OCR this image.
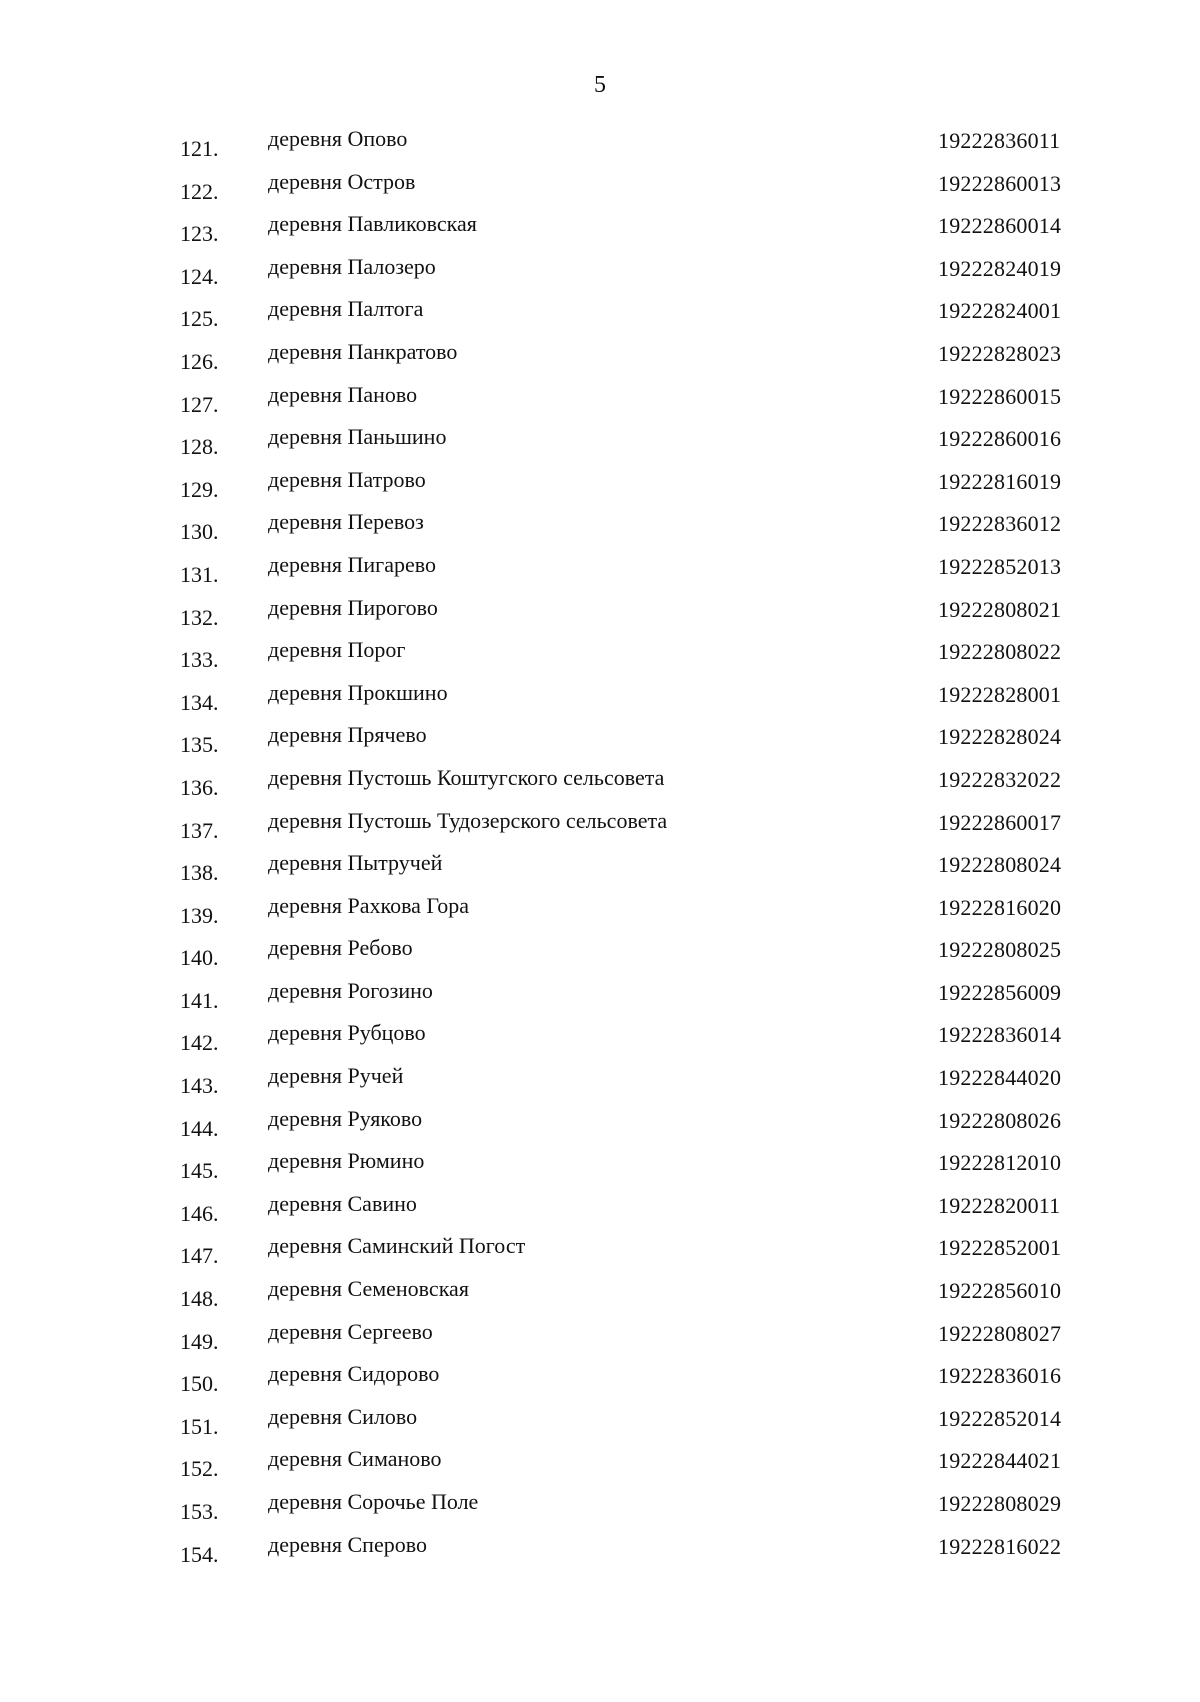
5
121. деревня Опово	19222836011
122. деревня Остров	19222860013
123. деревня Павликовская	19222860014
124. деревня Палозеро	19222824019
125. деревня Палтога	19222824001
126. деревня Панкратово	19222828023
127. деревня Паново	19222860015
128. деревня Паньшино	19222860016
129. деревня Патрово	19222816019
130. деревня Перевоз	19222836012
131. деревня Пигарево	19222852013
132. деревня Пирогово	19222808021
133. деревня Порог	19222808022
134. деревня Прокшино	19222828001
135. деревня Прячево	19222828024
136. деревня Пустошь Коштугского сельсовета	19222832022
137. деревня Пустошь Тудозерского сельсовета	19222860017
138. деревня Пытручей	19222808024
139. деревня Рахкова Гора	19222816020
140. деревня Ребово	19222808025
141. деревня Рогозино	19222856009
142. деревня Рубцово	19222836014
143. деревня Ручей	19222844020
144. деревня Руяково	19222808026
145. деревня Рюмино	19222812010
146. деревня Савино	19222820011
147. деревня Саминский Погост	19222852001
148. деревня Семеновская	19222856010
149. деревня Сергеево	19222808027
150. деревня Сидорово	19222836016
151. деревня Силово	19222852014
152. деревня Симаново	19222844021
153. деревня Сорочье Поле	19222808029
154. деревня Сперово	19222816022
